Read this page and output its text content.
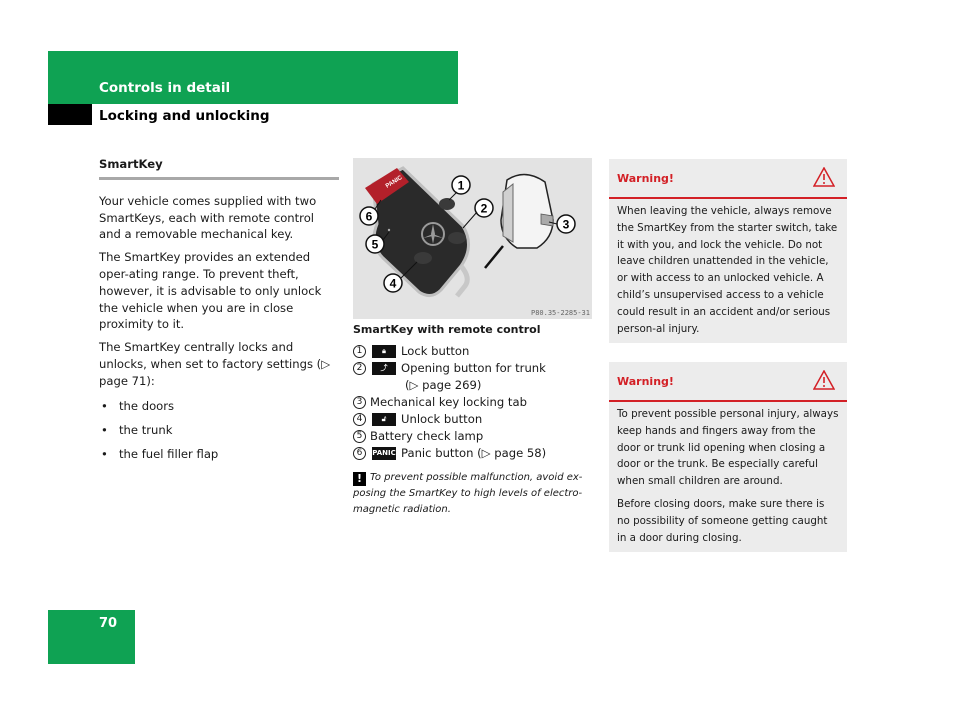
Controls in detail
Locking and unlocking
SmartKey

Your vehicle comes supplied with two SmartKeys, each with remote control and a removable mechanical key.

The SmartKey provides an extended oper-ating range. To prevent theft, however, it is advisable to only unlock the vehicle when you are in close proximity to it.

The SmartKey centrally locks and unlocks, when set to factory settings (▷ page 71):

• the doors
• the trunk
• the fuel filler flap
PANIC	1
2
3
4
5
6
P80.35-2285-31
SmartKey with remote control
1	🔒︎	Lock button
2	⤴	Opening button for trunk
(▷ page 269)
3 Mechanical key locking tab
4	🔓︎	Unlock button
5 Battery check lamp
6	PANIC Panic button (▷ page 58)
! To prevent possible malfunction, avoid ex-posing the SmartKey to high levels of electro-magnetic radiation.
Warning!

When leaving the vehicle, always remove the SmartKey from the starter switch, take it with you, and lock the vehicle. Do not leave children unattended in the vehicle, or with access to an unlocked vehicle. A child’s unsupervised access to a vehicle could result in an accident and/or serious person-al injury.

Warning!

To prevent possible personal injury, always keep hands and fingers away from the door or trunk lid opening when closing a door or the trunk. Be especially careful when small children are around.

Before closing doors, make sure there is no possibility of someone getting caught in a door during closing.

70
